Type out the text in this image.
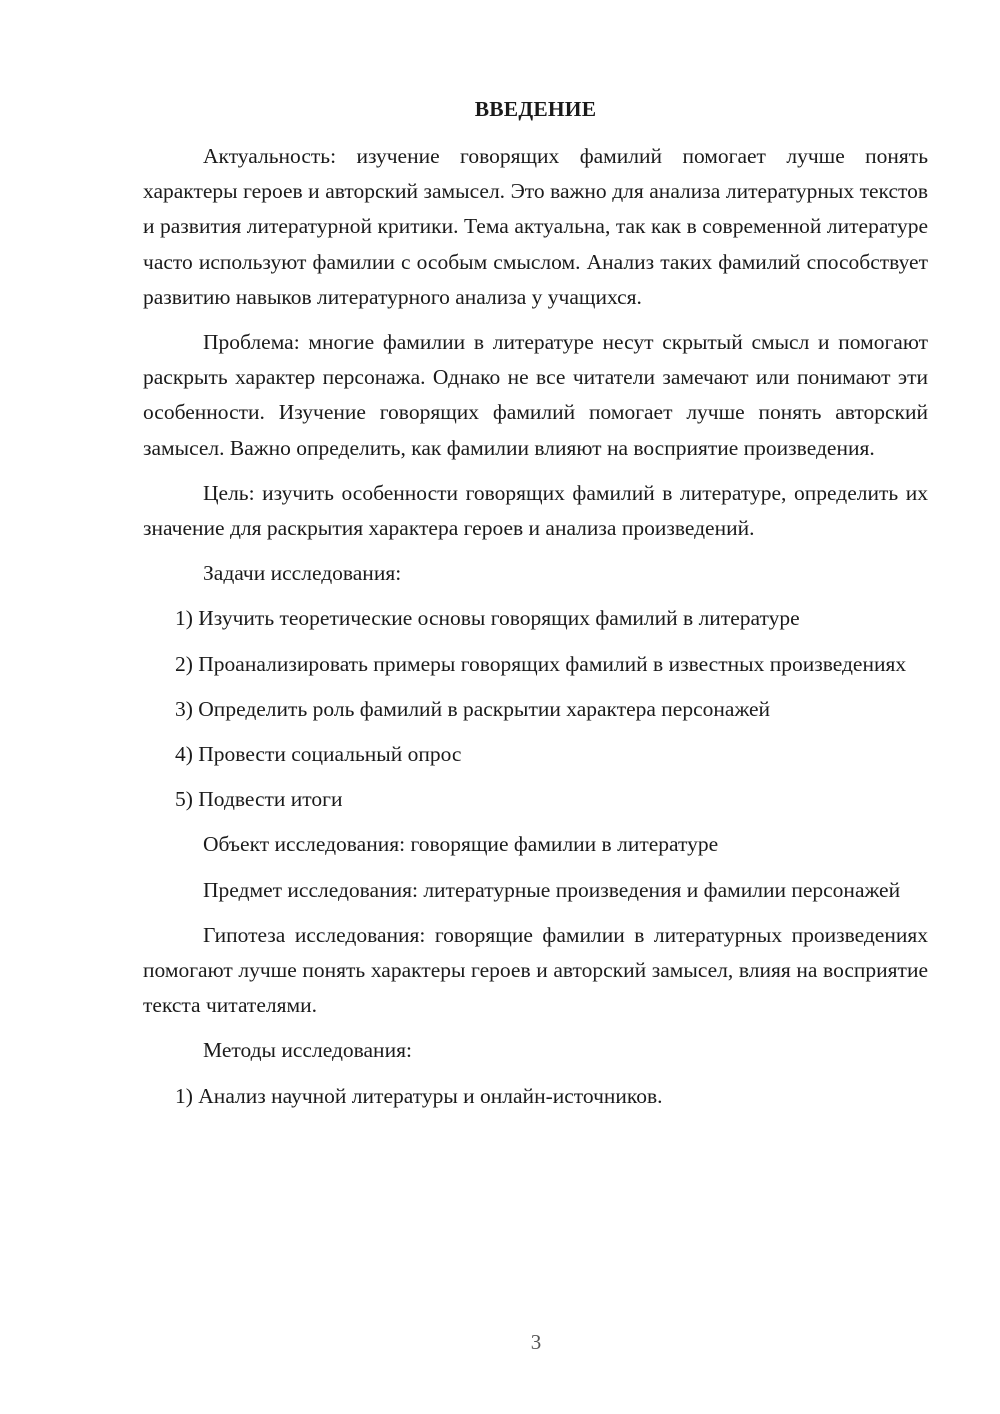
ВВЕДЕНИЕ

Актуальность: изучение говорящих фамилий помогает лучше понять характеры героев и авторский замысел. Это важно для анализа литературных текстов и развития литературной критики. Тема актуальна, так как в современной литературе часто используют фамилии с особым смыслом. Анализ таких фамилий способствует развитию навыков литературного анализа у учащихся.

Проблема: многие фамилии в литературе несут скрытый смысл и помогают раскрыть характер персонажа. Однако не все читатели замечают или понимают эти особенности. Изучение говорящих фамилий помогает лучше понять авторский замысел. Важно определить, как фамилии влияют на восприятие произведения.

Цель: изучить особенности говорящих фамилий в литературе, определить их значение для раскрытия характера героев и анализа произведений.

Задачи исследования:

1) Изучить теоретические основы говорящих фамилий в литературе

2) Проанализировать примеры говорящих фамилий в известных произведениях

3) Определить роль фамилий в раскрытии характера персонажей

4) Провести социальный опрос

5) Подвести итоги

Объект исследования: говорящие фамилии в литературе

Предмет исследования: литературные произведения и фамилии персонажей

Гипотеза исследования: говорящие фамилии в литературных произведениях помогают лучше понять характеры героев и авторский замысел, влияя на восприятие текста читателями.

Методы исследования:

1) Анализ научной литературы и онлайн-источников.

3
